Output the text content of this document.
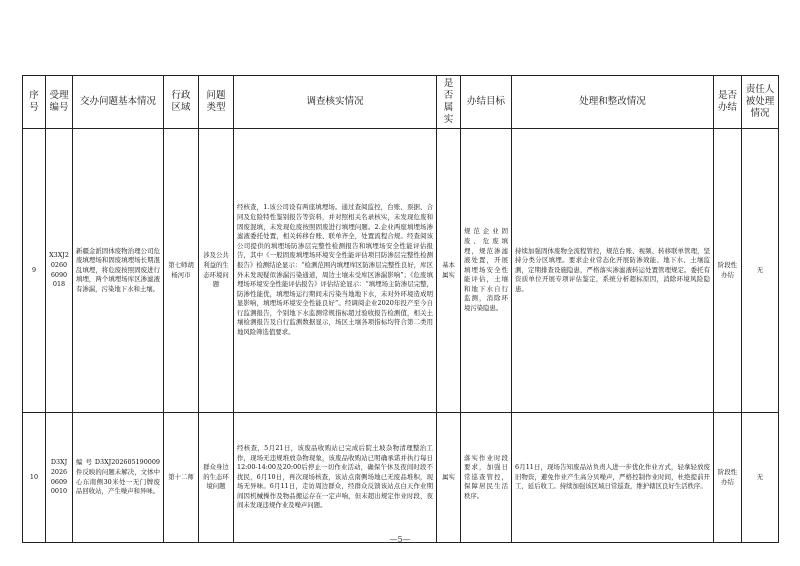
序号	受理编号	交办问题基本情况	行政区域	问题类型	调查核实情况	是否属实	办结目标	处理和整改情况	是否办结	责任人被处理情况
9	X3XJ202606090018	新疆金派固体废物治理公司危废填埋场和固废填埋场长期混乱填埋，将危废按照固废进行填埋，两个填埋场库区渗滤液有渗漏，污染地下水和土壤。	第七师胡杨河市	涉及公共利益的生态环境问题	经核查，1.该公司设有两座填埋场。通过查阅监控，台账、票据、合同及危险特性鉴别报告等资料，并对照相关名录核实，未发现危废和固废混填，未发现危废按照固废进行填埋问题。2.企业两座填埋场渗滤液委托处置，相关转移台账、联单齐全，处置流程合规。经查阅该公司提供的填埋场防渗层完整性检测报告和填埋场安全性能评估报告，其中《一般固废填埋场环境安全性能评估项目防渗层完整性检测报告》检测结论显示：“检测范围内填埋库区防渗层完整性良好，库区外未发现疑似渗漏污染通道，周边土壤未受库区渗漏影响”；《危废填埋场环境安全性能评估报告》评估结论显示：“填埋场主防渗层完整，防渗性能优，填埋场运行期间未污染当地地下水，未对外环境造成明显影响，填埋场环境安全性能良好”。经调阅企业2020年投产至今自行监测报告，个别地下水监测常规指标超过验收报告检测值，相关土壤检测报告及自行监测数据显示，场区土壤各项指标均符合第二类用地风险筛选值要求。	基本属实	规范企业固废、危废填埋，规范渗滤液处置，开展填埋场安全性能评估，土壤和地下水自行监测，消除环境污染隐患。	持续加强固体废物全流程管控，规范台账、视频、转移联单管理，坚持分类分区填埋。要求企业常态化开展防渗效能、地下水、土壤监测，定期排查设施隐患，严格落实渗滤液转运处置管理规定。委托有资质单位开展专项评估鉴定，系统分析超标原因，消除环境风险隐患。	阶段性办结	无
10	D3XJ202606090010	编号D3XJ202605190009件反映的问题未解决，文体中心东南侧30米处一无门牌废品回收站，产生噪声和异味。	第十二师	群众身边的生态环境问题	经核查，5月21日，该废品收购站已完成后院土坡杂物清理整治工作，现场无违规堆放杂物现象，该废品收购站已明确承诺并执行每日12:00-14:00及20:00后停止一切作业活动，确保午休及夜间时段不扰民，6月10日，再次现场核查，该站点南侧场地已无废品堆积，现场无异味。6月11日，走访周边群众，经群众反馈该站点白天作业期间因机械操作及物品搬运存在一定声响，但未超出规定作业时段，夜间未发现违规作业及噪声问题。	属实	落实作业时段要求，加强日常巡查管控，保障居民生活秩序。	6月11日，现场告知废品站负责人进一步优化作业方式，轻拿轻放废旧物资，避免作业产生高分贝噪声，严格控制作业时间，杜绝提前开工，延后收工。持续加强该区域日常巡查，维护辖区良好生活秩序。	阶段性办结	无
—5—
